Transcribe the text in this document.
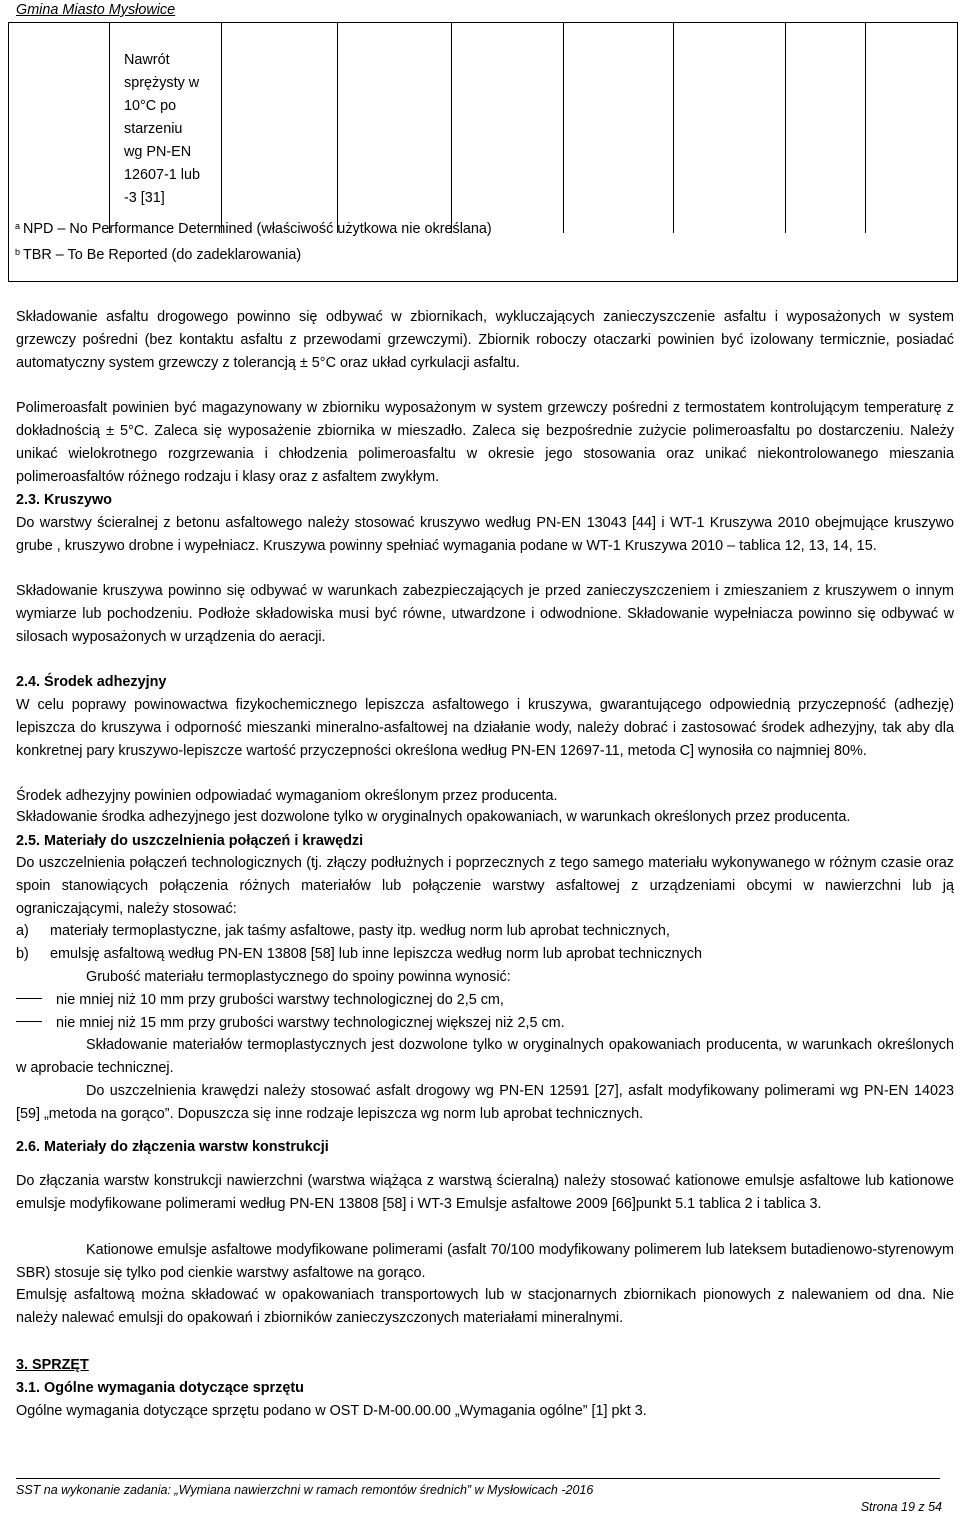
Gmina Miasto Mysłowice
Nawrót
sprężysty w
10°C po
starzeniu
wg PN-EN
12607-1 lub
-3 [31]
$^a$ NPD – No Performance Determined (właściwość użytkowa nie określana)
$^b$ TBR – To Be Reported (do zadeklarowania)
Składowanie asfaltu drogowego powinno się odbywać w zbiornikach, wykluczających zanieczyszczenie asfaltu i wyposażonych w system grzewczy pośredni (bez kontaktu asfaltu z przewodami grzewczymi). Zbiornik roboczy otaczarki powinien być izolowany termicznie, posiadać automatyczny system grzewczy z tolerancją ± 5°C oraz układ cyrkulacji asfaltu.
Polimeroasfalt powinien być magazynowany w zbiorniku wyposażonym w system grzewczy pośredni z termostatem kontrolującym temperaturę z dokładnością ± 5°C. Zaleca się wyposażenie zbiornika w mieszadło. Zaleca się bezpośrednie zużycie polimeroasfaltu po dostarczeniu. Należy unikać wielokrotnego rozgrzewania i chłodzenia polimeroasfaltu w okresie jego stosowania oraz unikać niekontrolowanego mieszania polimeroasfaltów różnego rodzaju i klasy oraz z asfaltem zwykłym.
2.3. Kruszywo
Do warstwy ścieralnej z betonu asfaltowego należy stosować kruszywo według PN-EN 13043 [44] i WT-1 Kruszywa 2010 obejmujące kruszywo grube , kruszywo drobne i wypełniacz. Kruszywa powinny spełniać wymagania podane w WT-1 Kruszywa 2010 – tablica 12, 13, 14, 15.
Składowanie kruszywa powinno się odbywać w warunkach zabezpieczających je przed zanieczyszczeniem i zmieszaniem z kruszywem o innym wymiarze lub pochodzeniu. Podłoże składowiska musi być równe, utwardzone i odwodnione. Składowanie wypełniacza powinno się odbywać w silosach wyposażonych w urządzenia do aeracji.
2.4. Środek adhezyjny
W celu poprawy powinowactwa fizykochemicznego lepiszcza asfaltowego i kruszywa, gwarantującego odpowiednią przyczepność (adhezję) lepiszcza do kruszywa i odporność mieszanki mineralno-asfaltowej na działanie wody, należy dobrać i zastosować środek adhezyjny, tak aby dla konkretnej pary kruszywo-lepiszcze wartość przyczepności określona według PN-EN 12697-11, metoda C] wynosiła co najmniej 80%.
Środek adhezyjny powinien odpowiadać wymaganiom określonym przez producenta.
Składowanie środka adhezyjnego jest dozwolone tylko w oryginalnych opakowaniach, w warunkach określonych przez producenta.
2.5. Materiały do uszczelnienia połączeń i krawędzi
Do uszczelnienia połączeń technologicznych (tj. złączy podłużnych i poprzecznych z tego samego materiału wykonywanego w różnym czasie oraz spoin stanowiących połączenia różnych materiałów lub połączenie warstwy asfaltowej z urządzeniami obcymi w nawierzchni lub ją ograniczającymi, należy stosować:
a) materiały termoplastyczne, jak taśmy asfaltowe, pasty itp. według norm lub aprobat technicznych,
b) emulsję asfaltową według PN-EN 13808 [58] lub inne lepiszcza według norm lub aprobat technicznych
Grubość materiału termoplastycznego do spoiny powinna wynosić:
nie mniej niż 10 mm przy grubości warstwy technologicznej do 2,5 cm,
nie mniej niż 15 mm przy grubości warstwy technologicznej większej niż 2,5 cm.
Składowanie materiałów termoplastycznych jest dozwolone tylko w oryginalnych opakowaniach producenta, w warunkach określonych w aprobacie technicznej.
Do uszczelnienia krawędzi należy stosować asfalt drogowy wg PN-EN 12591 [27], asfalt modyfikowany polimerami wg PN-EN 14023 [59] „metoda na gorąco”. Dopuszcza się inne rodzaje lepiszcza wg norm lub aprobat technicznych.
2.6. Materiały do złączenia warstw konstrukcji
Do złączania warstw konstrukcji nawierzchni (warstwa wiążąca z warstwą ścieralną) należy stosować kationowe emulsje asfaltowe lub kationowe emulsje modyfikowane polimerami według PN-EN 13808 [58] i WT-3 Emulsje asfaltowe 2009 [66]punkt 5.1 tablica 2 i tablica 3.
Kationowe emulsje asfaltowe modyfikowane polimerami (asfalt 70/100 modyfikowany polimerem lub lateksem butadienowo-styrenowym SBR) stosuje się tylko pod cienkie warstwy asfaltowe na gorąco.
Emulsję asfaltową można składować w opakowaniach transportowych lub w stacjonarnych zbiornikach pionowych z nalewaniem od dna. Nie należy nalewać emulsji do opakowań i zbiorników zanieczyszczonych materiałami mineralnymi.
3. SPRZĘT
3.1. Ogólne wymagania dotyczące sprzętu
Ogólne wymagania dotyczące sprzętu podano w OST D-M-00.00.00 „Wymagania ogólne” [1] pkt 3.
SST na wykonanie zadania: „Wymiana nawierzchni w ramach remontów średnich” w Mysłowicach -2016
Strona 19 z 54
